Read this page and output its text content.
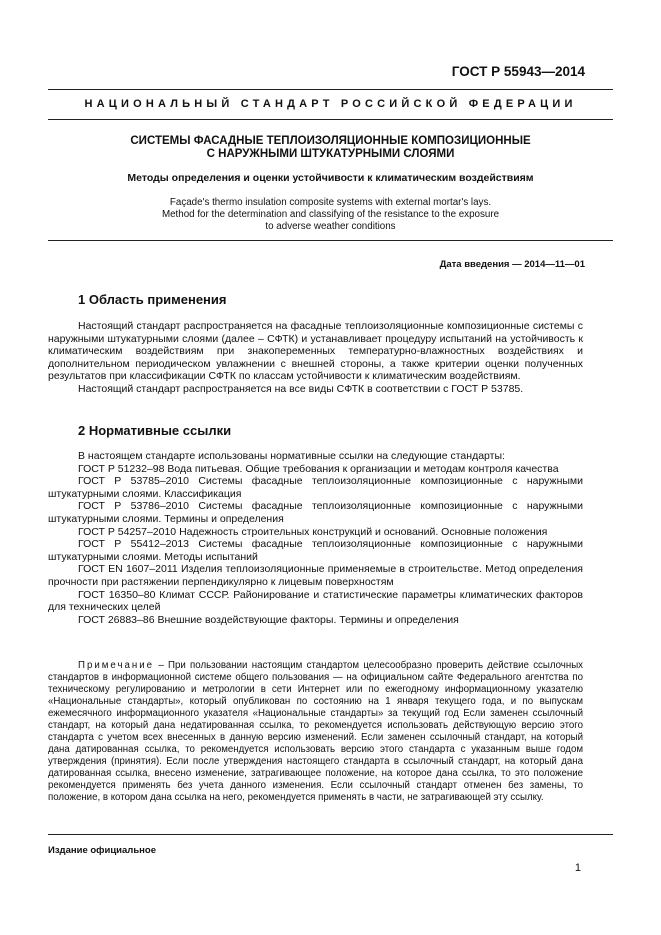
ГОСТ Р 55943—2014
НАЦИОНАЛЬНЫЙ СТАНДАРТ РОССИЙСКОЙ ФЕДЕРАЦИИ
СИСТЕМЫ ФАСАДНЫЕ ТЕПЛОИЗОЛЯЦИОННЫЕ КОМПОЗИЦИОННЫЕ
С НАРУЖНЫМИ ШТУКАТУРНЫМИ СЛОЯМИ
Методы определения и оценки устойчивости к климатическим воздействиям
Façade's thermo insulation composite systems with external mortar's lays.
Method for the determination and classifying of the resistance to the exposure
to adverse weather conditions
Дата введения — 2014—11—01
1 Область применения

Настоящий стандарт распространяется на фасадные теплоизоляционные композиционные системы с наружными штукатурными слоями (далее – СФТК) и устанавливает процедуру испытаний на устойчивость к климатическим воздействиям при знакопеременных температурно-влажностных воздействиях и дополнительном периодическом увлажнении с внешней стороны, а также критерии оценки полученных результатов при классификации СФТК по классам устойчивости к климатическим воздействиям.

Настоящий стандарт распространяется на все виды СФТК в соответствии с ГОСТ Р 53785.

2 Нормативные ссылки

В настоящем стандарте использованы нормативные ссылки на следующие стандарты:

ГОСТ Р 51232–98 Вода питьевая. Общие требования к организации и методам контроля качества

ГОСТ Р 53785–2010 Системы фасадные теплоизоляционные композиционные с наружными штукатурными слоями. Классификация

ГОСТ Р 53786–2010 Системы фасадные теплоизоляционные композиционные с наружными штукатурными слоями. Термины и определения

ГОСТ Р 54257–2010 Надежность строительных конструкций и оснований. Основные положения

ГОСТ Р 55412–2013 Системы фасадные теплоизоляционные композиционные с наружными штукатурными слоями. Методы испытаний

ГОСТ EN 1607–2011 Изделия теплоизоляционные применяемые в строительстве. Метод определения прочности при растяжении перпендикулярно к лицевым поверхностям

ГОСТ 16350–80 Климат СССР. Районирование и статистические параметры климатических факторов для технических целей

ГОСТ 26883–86 Внешние воздействующие факторы. Термины и определения

Примечание – При пользовании настоящим стандартом целесообразно проверить действие ссылочных стандартов в информационной системе общего пользования — на официальном сайте Федерального агентства по техническому регулированию и метрологии в сети Интернет или по ежегодному информационному указателю «Национальные стандарты», который опубликован по состоянию на 1 января текущего года, и по выпускам ежемесячного информационного указателя «Национальные стандарты» за текущий год Если заменен ссылочный стандарт, на который дана недатированная ссылка, то рекомендуется использовать действующую версию этого стандарта с учетом всех внесенных в данную версию изменений. Если заменен ссылочный стандарт, на который дана датированная ссылка, то рекомендуется использовать версию этого стандарта с указанным выше годом утверждения (принятия). Если после утверждения настоящего стандарта в ссылочный стандарт, на который дана датированная ссылка, внесено изменение, затрагивающее положение, на которое дана ссылка, то это положение рекомендуется применять без учета данного изменения. Если ссылочный стандарт отменен без замены, то положение, в котором дана ссылка на него, рекомендуется применять в части, не затрагивающей эту ссылку.
Издание официальное
1
